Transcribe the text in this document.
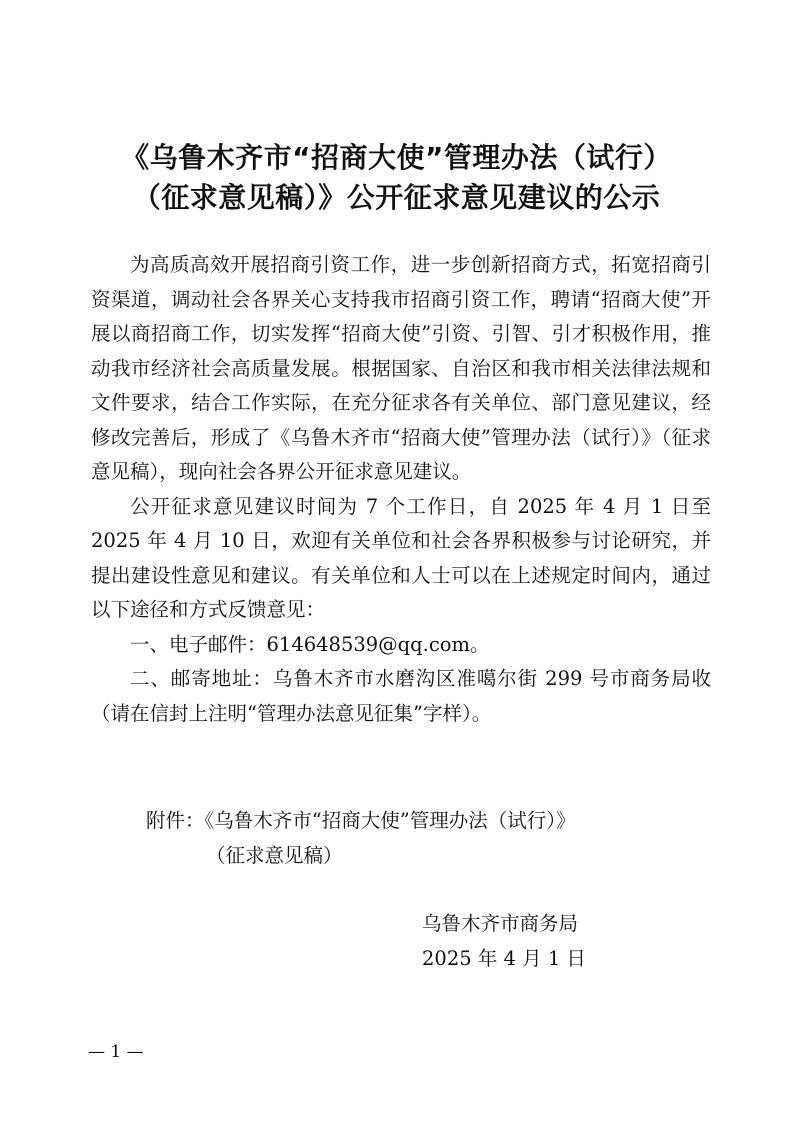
《乌鲁木齐市“招商大使”管理办法（试行）
（征求意见稿）》公开征求意见建议的公示

为高质高效开展招商引资工作，进一步创新招商方式，拓宽招商引资渠道，调动社会各界关心支持我市招商引资工作，聘请“招商大使”开展以商招商工作，切实发挥“招商大使”引资、引智、引才积极作用，推动我市经济社会高质量发展。根据国家、自治区和我市相关法律法规和文件要求，结合工作实际，在充分征求各有关单位、部门意见建议，经修改完善后，形成了《乌鲁木齐市“招商大使”管理办法（试行）》（征求意见稿），现向社会各界公开征求意见建议。

公开征求意见建议时间为 7 个工作日，自 2025 年 4 月 1 日至 2025 年 4 月 10 日，欢迎有关单位和社会各界积极参与讨论研究，并提出建设性意见和建议。有关单位和人士可以在上述规定时间内，通过以下途径和方式反馈意见：

一、电子邮件：614648539@qq.com。

二、邮寄地址：乌鲁木齐市水磨沟区准噶尔街 299 号市商务局收（请在信封上注明“管理办法意见征集”字样）。

附件：《乌鲁木齐市“招商大使”管理办法（试行）》
（征求意见稿）
乌鲁木齐市商务局
2025 年 4 月 1 日
— 1 —
